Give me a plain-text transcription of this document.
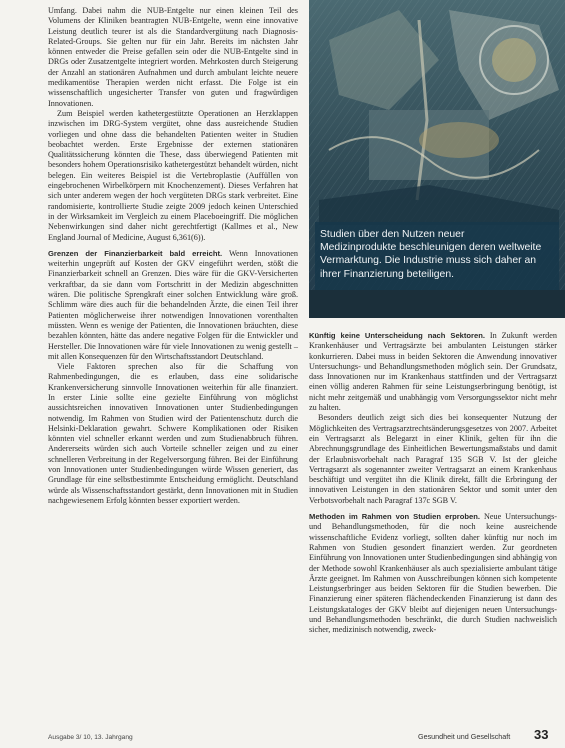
Studien über den Nutzen neuer Medizinprodukte beschleunigen deren weltweite Vermarktung. Die Industrie muss sich daher an ihrer Finanzierung beteiligen.

Umfang. Dabei nahm die NUB-Entgelte nur einen kleinen Teil des Volumens der Kliniken beantragten NUB-Entgelte, wenn eine innovative Leistung deutlich teurer ist als die Standardvergütung nach Diagnosis-Related-Groups. Sie gelten nur für ein Jahr. Bereits im nächsten Jahr können entweder die Preise gefallen sein oder die NUB-Entgelte sind in DRGs oder Zusatzentgelte integriert worden. Mehrkosten durch Steigerung der Anzahl an stationären Aufnahmen und durch ambulant leichte neuere medikamentöse Therapien werden nicht erfasst. Die Folge ist ein wissenschaftlich ungesicherter Transfer von guten und fragwürdigen Innovationen.

Zum Beispiel werden kathetergestützte Operationen an Herzklappen inzwischen im DRG-System vergütet, ohne dass ausreichende Studien vorliegen und ohne dass die behandelten Patienten weiter in Studien beobachtet werden. Erste Ergebnisse der externen stationären Qualitätssicherung könnten die These, dass überwiegend Patienten mit besonders hohem Operationsrisiko kathetergestützt behandelt würden, nicht belegen. Ein weiteres Beispiel ist die Vertebroplastie (Auffüllen von eingebrochenen Wirbelkörpern mit Knochenzement). Dieses Verfahren hat sich unter anderem wegen der hoch vergüteten DRGs stark verbreitet. Eine randomisierte, kontrollierte Studie zeigte 2009 jedoch keinen Unterschied in der Wirksamkeit im Vergleich zu einem Placeboeingriff. Die möglichen Nebenwirkungen sind daher nicht gerechtfertigt (Kallmes et al., New England Journal of Medicine, August 6,361(6)).

Grenzen der Finanzierbarkeit bald erreicht. Wenn Innovationen weiterhin ungeprüft auf Kosten der GKV eingeführt werden, stößt die Finanzierbarkeit schnell an Grenzen. Dies wäre für die GKV-Versicherten verkraftbar, da sie dann vom Fortschritt in der Medizin abgeschnitten wären. Die politische Sprengkraft einer solchen Entwicklung wäre groß. Schlimm wäre dies auch für die behandelnden Ärzte, die einen Teil ihrer Patienten möglicherweise ihrer notwendigen Innovationen vorenthalten müssten. Wenn es wenige der Patienten, die Innovationen bräuchten, diese bezahlen könnten, hätte das andere negative Folgen für die Entwickler und Hersteller. Die Innovationen wäre für viele Innovationen zu wenig gestellt – mit allen Konsequenzen für den Wirtschaftsstandort Deutschland.

Viele Faktoren sprechen also für die Schaffung von Rahmenbedingungen, die es erlauben, dass eine solidarische Krankenversicherung sinnvolle Innovationen weiterhin für alle finanziert. In erster Linie sollte eine gezielte Einführung von möglichst aussichtsreichen innovativen Innovationen unter Studienbedingungen notwendig. Im Rahmen von Studien wird der Patientenschutz durch die Helsinki-Deklaration gewahrt. Schwere Komplikationen oder Risiken könnten viel schneller erkannt werden und zum Studienabbruch führen. Andererseits würden sich auch Vorteile schneller zeigen und zu einer schnelleren Verbreitung in der Regelversorgung führen. Bei der Einführung von Innovationen unter Studienbedingungen würde Wissen generiert, das Grundlage für eine selbstbestimmte Entscheidung ermöglicht. Deutschland würde als Wissenschaftsstandort gestärkt, denn Innovationen mit in Studien nachgewiesenem Erfolg könnten besser exportiert werden.

Künftig keine Unterscheidung nach Sektoren. In Zukunft werden Krankenhäuser und Vertragsärzte bei ambulanten Leistungen stärker konkurrieren. Dabei muss in beiden Sektoren die Anwendung innovativer Untersuchungs- und Behandlungsmethoden möglich sein. Der Grundsatz, dass Innovationen nur im Krankenhaus stattfinden und der Vertragsarzt einen völlig anderen Rahmen für seine Leistungserbringung benötigt, ist nicht mehr zeitgemäß und unabhängig vom Versorgungssektor nicht mehr zu halten.

Besonders deutlich zeigt sich dies bei konsequenter Nutzung der Möglichkeiten des Vertragsarztrechtsänderungsgesetzes von 2007. Arbeitet ein Vertragsarzt als Belegarzt in einer Klinik, gelten für ihn die Abrechnungsgrundlage des Einheitlichen Bewertungsmaßstabs und damit der Erlaubnisvorbehalt nach Paragraf 135 SGB V. Ist der gleiche Vertragsarzt als sogenannter zweiter Vertragsarzt an einem Krankenhaus beschäftigt und vergütet ihn die Klinik direkt, fällt die Erbringung der innovativen Leistungen in den stationären Sektor und somit unter den Verbotsvorbehalt nach Paragraf 137c SGB V.

Methoden im Rahmen von Studien erproben. Neue Untersuchungs- und Behandlungsmethoden, für die noch keine ausreichende wissenschaftliche Evidenz vorliegt, sollten daher künftig nur noch im Rahmen von Studien gesondert finanziert werden. Zur geordneten Einführung von Innovationen unter Studienbedingungen sind abhängig von der Methode sowohl Krankenhäuser als auch spezialisierte ambulant tätige Ärzte geeignet. Im Rahmen von Ausschreibungen können sich kompetente Leistungserbringer aus beiden Sektoren für die Studien bewerben. Die Finanzierung einer späteren flächendeckenden Finanzierung ist dann des Leistungskataloges der GKV bleibt auf diejenigen neuen Untersuchungs- und Behandlungsmethoden beschränkt, die durch Studien nachweislich sicher, medizinisch notwendig, zweck-

Ausgabe 3/ 10, 13. Jahrgang	Gesundheit und Gesellschaft 33
